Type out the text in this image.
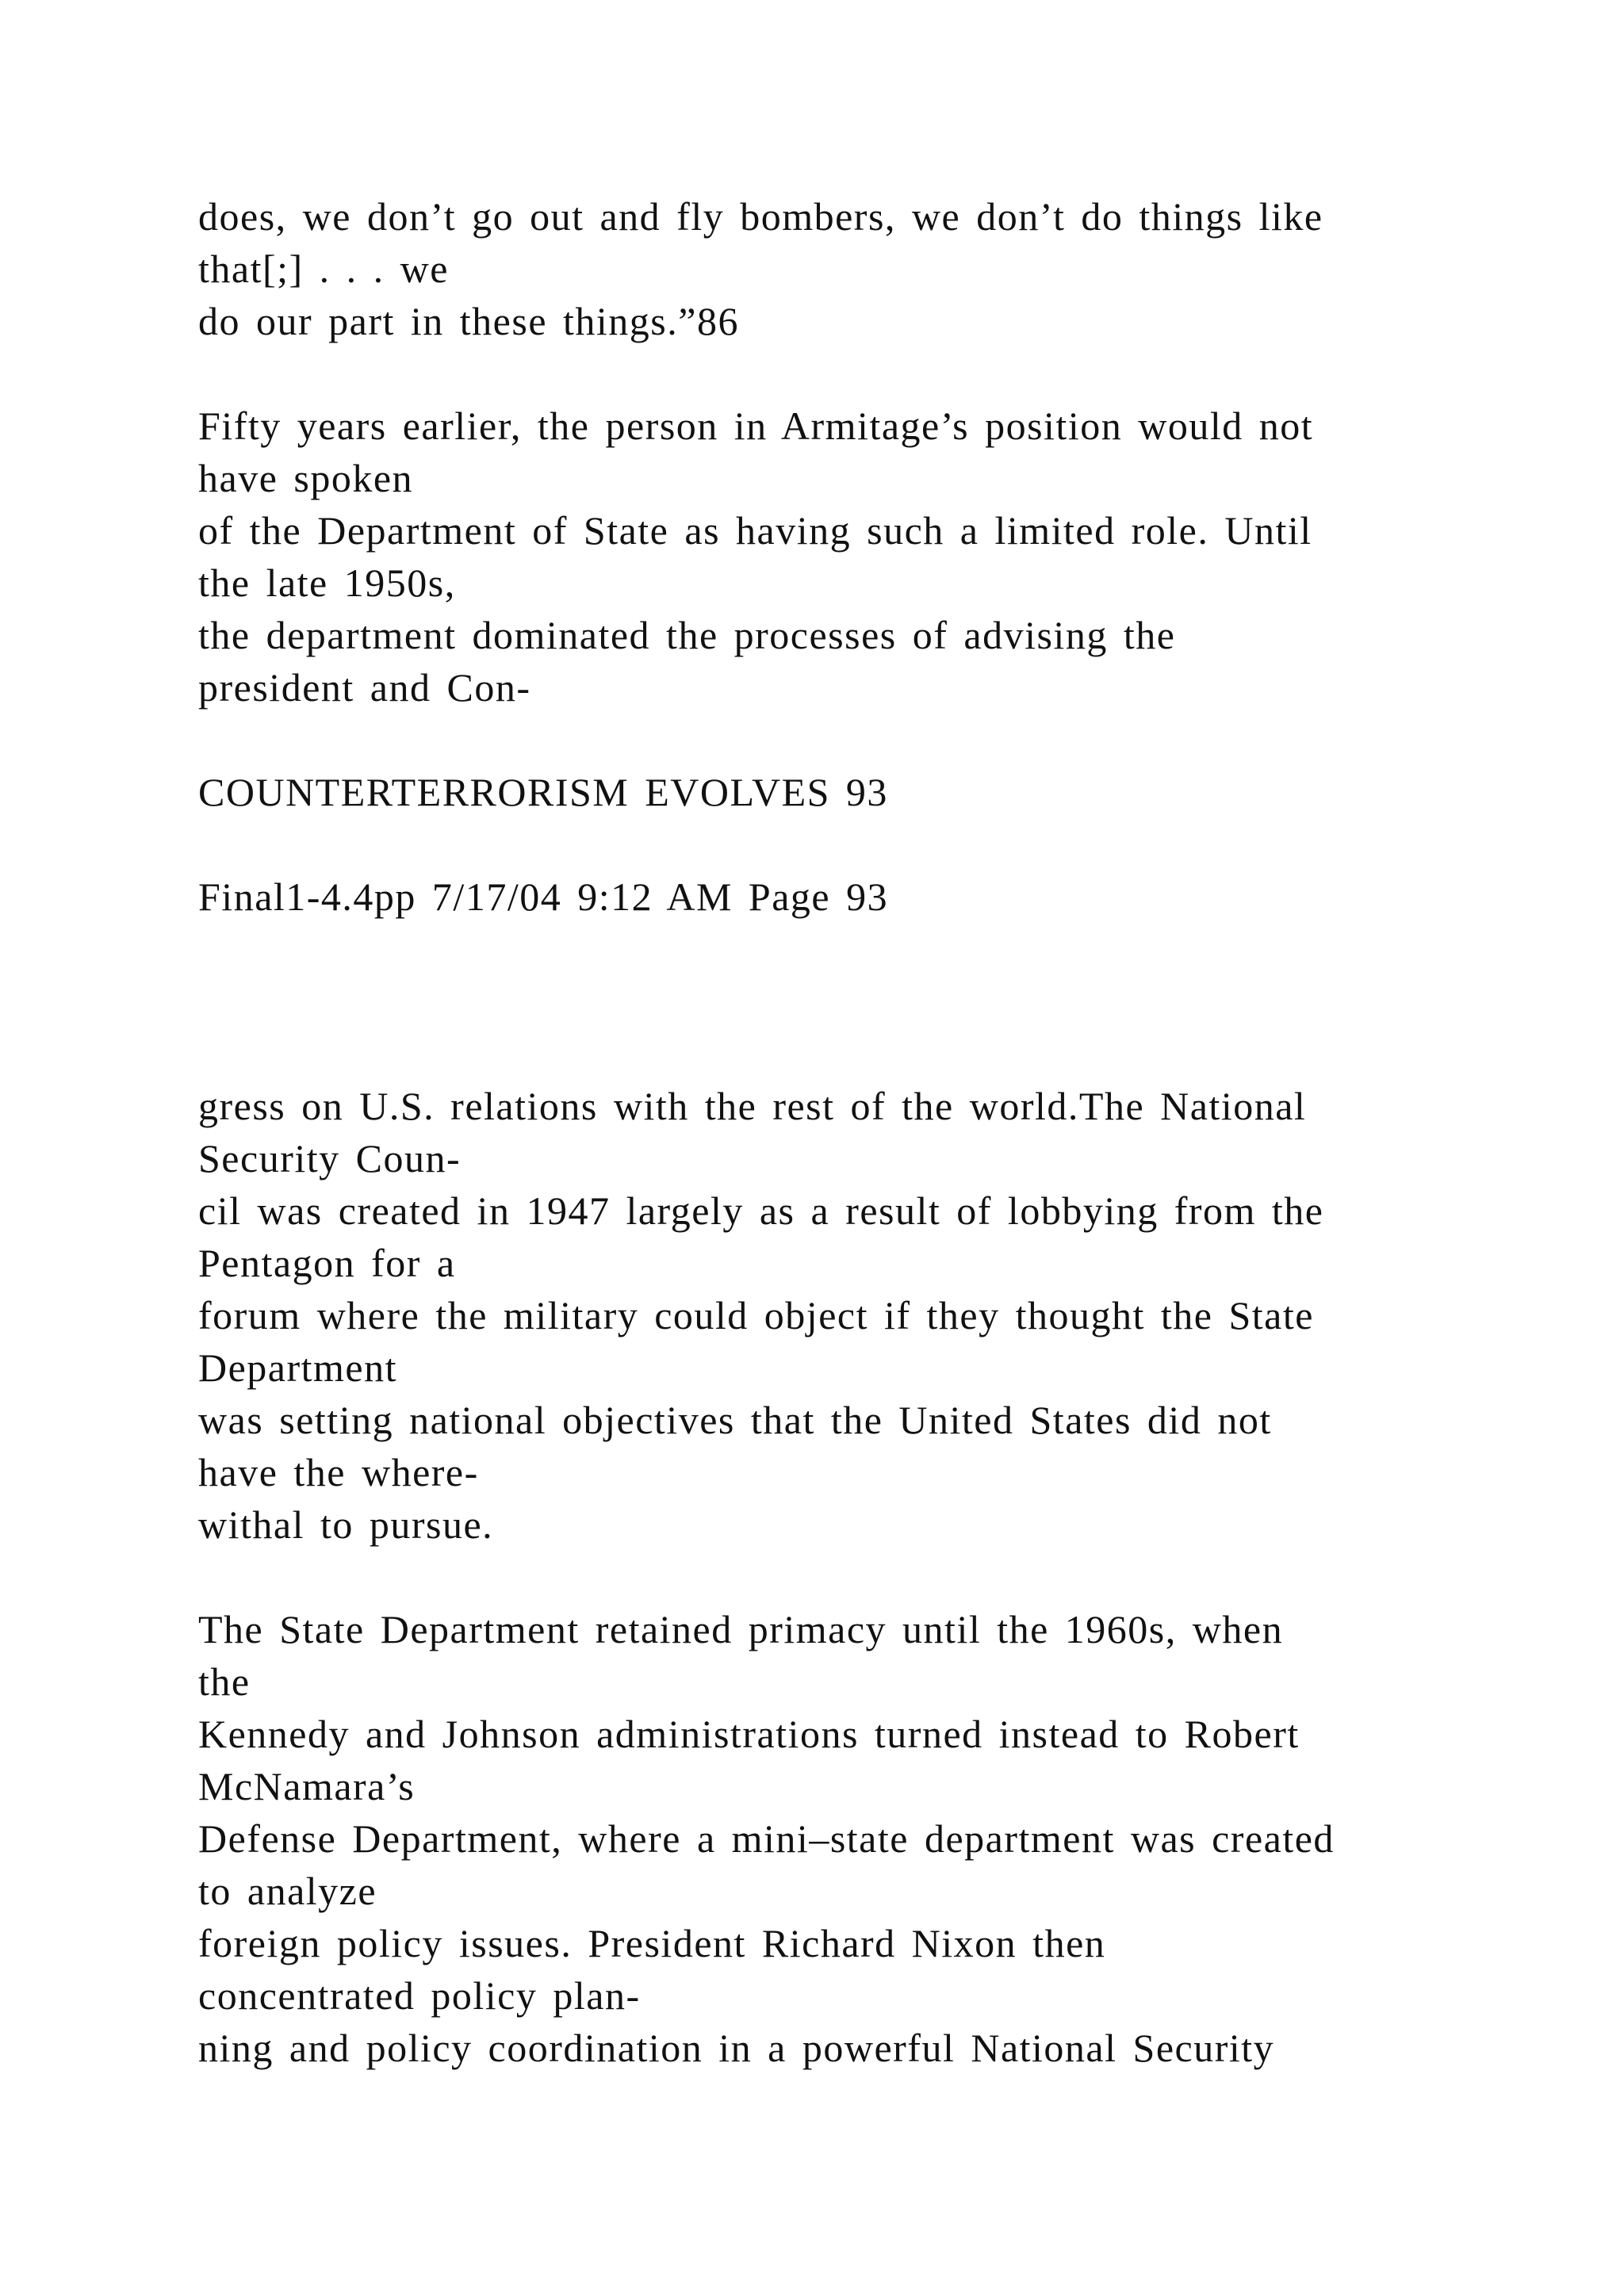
does, we don’t go out and fly bombers, we don’t do things like
that[;] . . . we
do our part in these things.”86
Fifty years earlier, the person in Armitage’s position would not
have spoken
of the Department of State as having such a limited role. Until
the late 1950s,
the department dominated the processes of advising the
president and Con-
COUNTERTERRORISM EVOLVES 93
Final1-4.4pp 7/17/04 9:12 AM Page 93
gress on U.S. relations with the rest of the world.The National
Security Coun-
cil was created in 1947 largely as a result of lobbying from the
Pentagon for a
forum where the military could object if they thought the State
Department
was setting national objectives that the United States did not
have the where-
withal to pursue.
The State Department retained primacy until the 1960s, when
the
Kennedy and Johnson administrations turned instead to Robert
McNamara’s
Defense Department, where a mini–state department was created
to analyze
foreign policy issues. President Richard Nixon then
concentrated policy plan-
ning and policy coordination in a powerful National Security
